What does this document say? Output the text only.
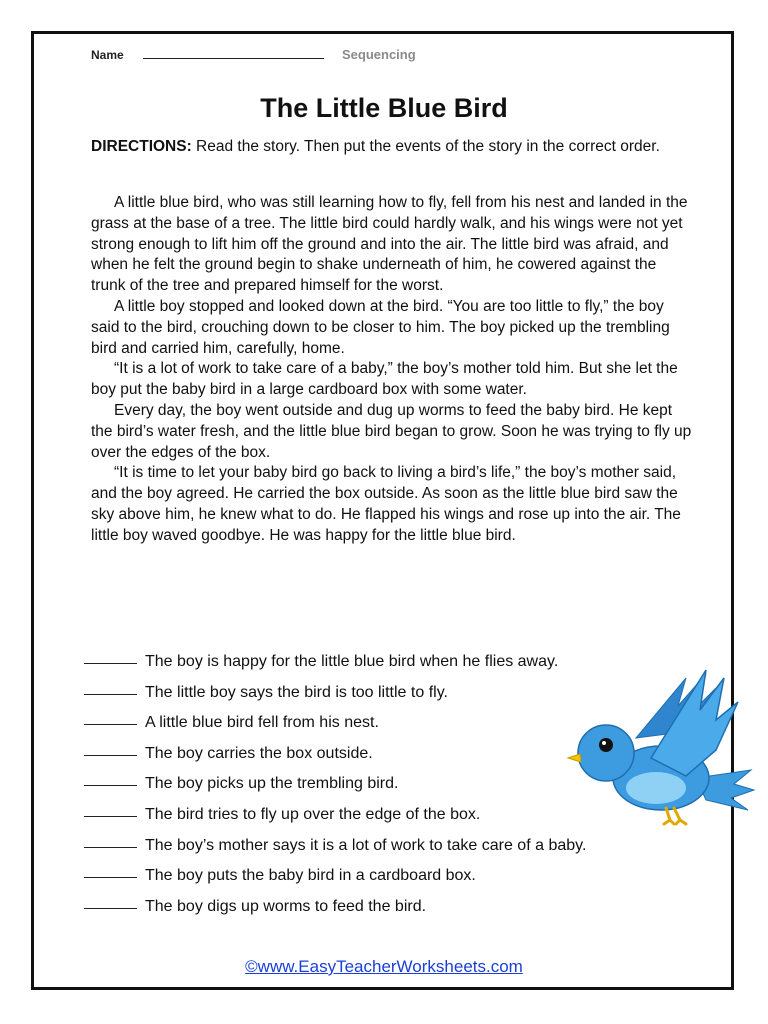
Name	Sequencing
The Little Blue Bird

DIRECTIONS: Read the story. Then put the events of the story in the correct order.

A little blue bird, who was still learning how to fly, fell from his nest and landed in the grass at the base of a tree. The little bird could hardly walk, and his wings were not yet strong enough to lift him off the ground and into the air. The little bird was afraid, and when he felt the ground begin to shake underneath of him, he cowered against the trunk of the tree and prepared himself for the worst.

A little boy stopped and looked down at the bird. “You are too little to fly,” the boy said to the bird, crouching down to be closer to him. The boy picked up the trembling bird and carried him, carefully, home.

“It is a lot of work to take care of a baby,” the boy’s mother told him. But she let the boy put the baby bird in a large cardboard box with some water.

Every day, the boy went outside and dug up worms to feed the baby bird. He kept the bird’s water fresh, and the little blue bird began to grow. Soon he was trying to fly up over the edges of the box.

“It is time to let your baby bird go back to living a bird’s life,” the boy’s mother said, and the boy agreed. He carried the box outside. As soon as the little blue bird saw the sky above him, he knew what to do. He flapped his wings and rose up into the air. The little boy waved goodbye. He was happy for the little blue bird.

The boy is happy for the little blue bird when he flies away.
The little boy says the bird is too little to fly.
A little blue bird fell from his nest.
The boy carries the box outside.
The boy picks up the trembling bird.
The bird tries to fly up over the edge of the box.
The boy’s mother says it is a lot of work to take care of a baby.
The boy puts the baby bird in a cardboard box.
The boy digs up worms to feed the bird.
©www.EasyTeacherWorksheets.com
